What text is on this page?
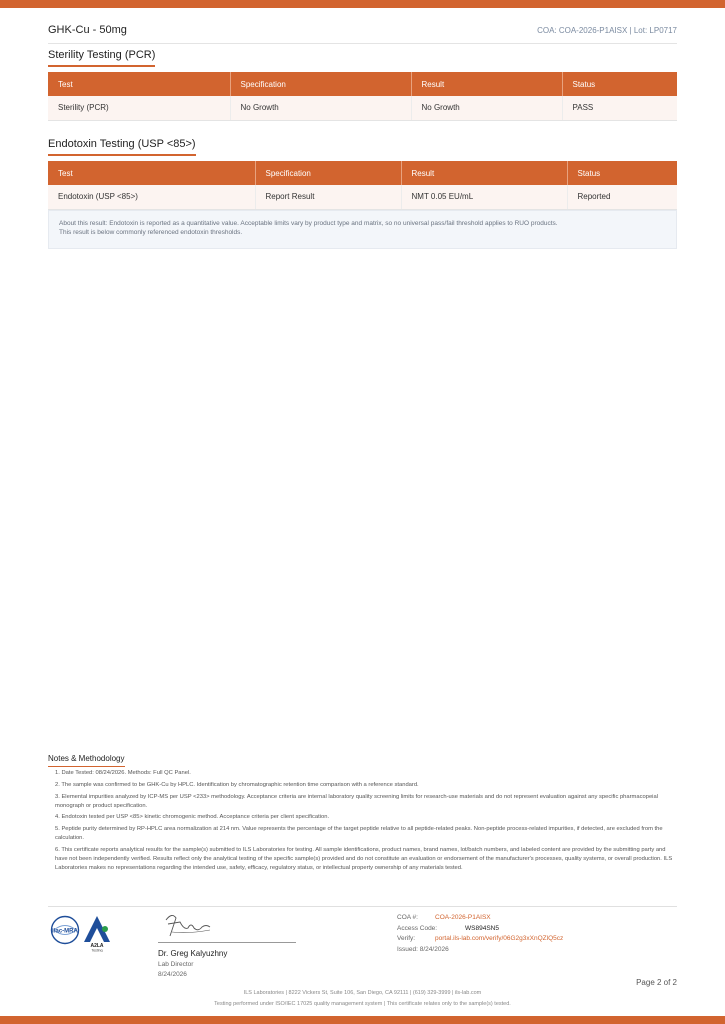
GHK-Cu - 50mg	COA: COA-2026-P1AISX | Lot: LP0717
Sterility Testing (PCR)
Test	Specification	Result	Status
Sterility (PCR)	No Growth	No Growth	PASS
Endotoxin Testing (USP <85>)
Test	Specification	Result	Status
Endotoxin (USP <85>)	Report Result	NMT 0.05 EU/mL	Reported
About this result: Endotoxin is reported as a quantitative value. Acceptable limits vary by product type and matrix, so no universal pass/fail threshold applies to RUO products.
This result is below commonly referenced endotoxin thresholds.
Notes & Methodology

1. Date Tested: 08/24/2026. Methods: Full QC Panel.

2. The sample was confirmed to be GHK-Cu by HPLC. Identification by chromatographic retention time comparison with a reference standard.

3. Elemental impurities analyzed by ICP-MS per USP <233> methodology. Acceptance criteria are internal laboratory quality screening limits for research-use materials and do not represent evaluation against any specific pharmacopeial monograph or product specification.

4. Endotoxin tested per USP <85> kinetic chromogenic method. Acceptance criteria per client specification.

5. Peptide purity determined by RP-HPLC area normalization at 214 nm. Value represents the percentage of the target peptide relative to all peptide-related peaks. Non-peptide process-related impurities, if detected, are excluded from the calculation.

6. This certificate reports analytical results for the sample(s) submitted to ILS Laboratories for testing. All sample identifications, product names, brand names, lot/batch numbers, and labeled content are provided by the submitting party and have not been independently verified. Results reflect only the analytical testing of the specific sample(s) provided and do not constitute an evaluation or endorsement of the manufacturer's processes, quality systems, or overall production. ILS Laboratories makes no representations regarding the intended use, safety, efficacy, regulatory status, or intellectual property ownership of any materials tested.

ilac-MRA
A2LA
Testing	Dr. Greg Kalyuzhny
Lab Director
8/24/2026
COA #:	COA-2026-P1AISX
Access Code:	WS894SN5
Verify:	portal.ils-lab.com/verify/06G2g3xXnQZlQ5cz
Issued: 8/24/2026
Page 2 of 2
ILS Laboratories | 8222 Vickers St, Suite 106, San Diego, CA 92111 | (619) 329-3999 | ils-lab.com
Testing performed under ISO/IEC 17025 quality management system | This certificate relates only to the sample(s) tested.
